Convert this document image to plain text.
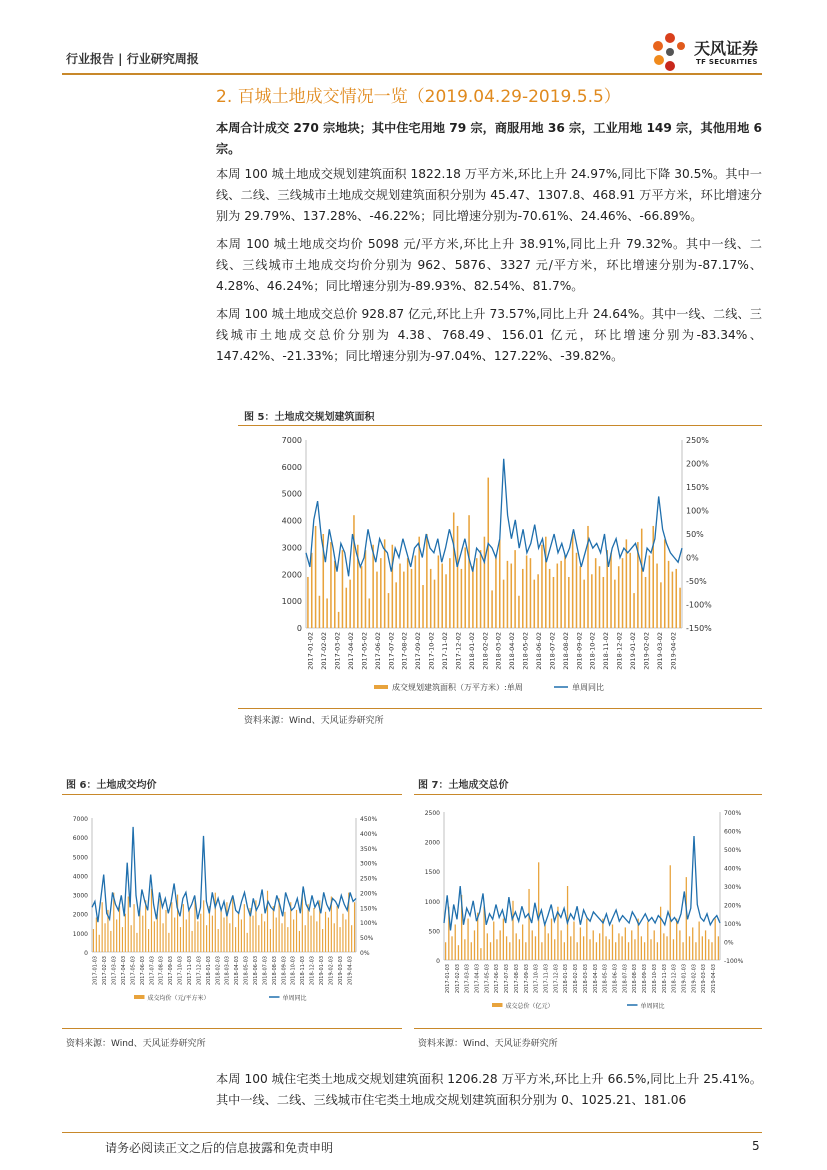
行业报告 | 行业研究周报
天风证券
TF SECURITIES
2. 百城土地成交情况一览（2019.04.29-2019.5.5）
本周合计成交 270 宗地块；其中住宅用地 79 宗，商服用地 36 宗，工业用地 149 宗，其他用地 6 宗。
本周 100 城土地成交规划建筑面积 1822.18 万平方米,环比上升 24.97%,同比下降 30.5%。其中一线、二线、三线城市土地成交规划建筑面积分别为 45.47、1307.8、468.91 万平方米，环比增速分别为 29.79%、137.28%、-46.22%；同比增速分别为-70.61%、24.46%、-66.89%。
本周 100 城土地成交均价 5098 元/平方米,环比上升 38.91%,同比上升 79.32%。其中一线、二线、三线城市土地成交均价分别为 962、5876、3327 元/平方米，环比增速分别为-87.17%、4.28%、46.24%；同比增速分别为-89.93%、82.54%、81.7%。
本周 100 城土地成交总价 928.87 亿元,环比上升 73.57%,同比上升 24.64%。其中一线、二线、三线城市土地成交总价分别为 4.38、768.49、156.01 亿元，环比增速分别为-83.34%、147.42%、-21.33%；同比增速分别为-97.04%、127.22%、-39.82%。
图 5：土地成交规划建筑面积
7000
6000
5000
4000
3000
2000
1000
0
250%
200%
150%
100%
50%
0%
-50%
-100%
-150%
2017-01-02 2017-02-02 2017-03-02 2017-04-02 2017-05-02 2017-06-02 2017-07-02 2017-08-02 2017-09-02 2017-10-02 2017-11-02 2017-12-02 2018-01-02 2018-02-02 2018-03-02 2018-04-02 2018-05-02 2018-06-02 2018-07-02 2018-08-02 2018-09-02 2018-10-02 2018-11-02 2018-12-02 2019-01-02 2019-02-02 2019-03-02 2019-04-02
成交规划建筑面积（万平方米）:单周	单周同比
资料来源：Wind、天风证券研究所
图 6：土地成交均价
7000
6000
5000
4000
3000
2000
1000
0
450%
400%
350%
300%
250%
200%
150%
100%
50%
0%
2017-01-03 2017-02-03 2017-03-03 2017-04-03 2017-05-03 2017-06-03 2017-07-03 2017-08-03 2017-09-03 2017-10-03 2017-11-03 2017-12-03 2018-01-03 2018-02-03 2018-03-03 2018-04-03 2018-05-03 2018-06-03 2018-07-03 2018-08-03 2018-09-03 2018-10-03 2018-11-03 2018-12-03 2019-01-03 2019-02-03 2019-03-03 2019-04-03
成交均价（元/平方米）	单周同比
资料来源：Wind、天风证券研究所
图 7：土地成交总价
2500
2000
1500
1000
500
0
700%
600%
500%
400%
300%
200%
100%
0%
-100%
2017-01-03 2017-02-03 2017-03-03 2017-04-03 2017-05-03 2017-06-03 2017-07-03 2017-08-03 2017-09-03 2017-10-03 2017-11-03 2017-12-03 2018-01-03 2018-02-03 2018-03-03 2018-04-03 2018-05-03 2018-06-03 2018-07-03 2018-08-03 2018-09-03 2018-10-03 2018-11-03 2018-12-03 2019-01-03 2019-02-03 2019-03-03 2019-04-03
成交总价（亿元）	单周同比
资料来源：Wind、天风证券研究所
本周 100 城住宅类土地成交规划建筑面积 1206.28 万平方米,环比上升 66.5%,同比上升 25.41%。其中一线、二线、三线城市住宅类土地成交规划建筑面积分别为 0、1025.21、181.06
请务必阅读正文之后的信息披露和免责申明	5
